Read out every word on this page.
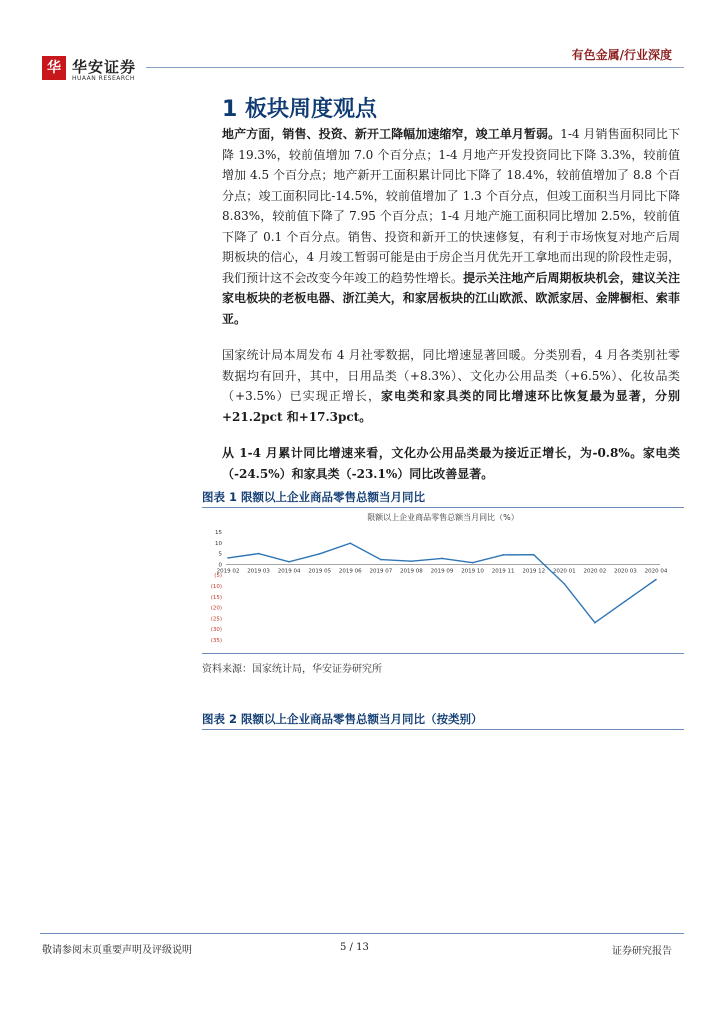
华 华安证券
HUAAN RESEARCH
有色金属/行业深度
1 板块周度观点

地产方面，销售、投资、新开工降幅加速缩窄，竣工单月暂弱。1-4 月销售面积同比下降 19.3%，较前值增加 7.0 个百分点；1-4 月地产开发投资同比下降 3.3%，较前值增加 4.5 个百分点；地产新开工面积累计同比下降了 18.4%，较前值增加了 8.8 个百分点；竣工面积同比-14.5%，较前值增加了 1.3 个百分点，但竣工面积当月同比下降 8.83%，较前值下降了 7.95 个百分点；1-4 月地产施工面积同比增加 2.5%，较前值下降了 0.1 个百分点。销售、投资和新开工的快速修复，有利于市场恢复对地产后周期板块的信心，4 月竣工暂弱可能是由于房企当月优先开工拿地而出现的阶段性走弱，我们预计这不会改变今年竣工的趋势性增长。提示关注地产后周期板块机会，建议关注家电板块的老板电器、浙江美大，和家居板块的江山欧派、欧派家居、金牌橱柜、索菲亚。

国家统计局本周发布 4 月社零数据，同比增速显著回暖。分类别看，4 月各类别社零数据均有回升，其中，日用品类（+8.3%）、文化办公用品类（+6.5%）、化妆品类（+3.5%）已实现正增长，家电类和家具类的同比增速环比恢复最为显著，分别+21.2pct 和+17.3pct。

从 1-4 月累计同比增速来看，文化办公用品类最为接近正增长，为-0.8%。家电类（-24.5%）和家具类（-23.1%）同比改善显著。

图表 1 限额以上企业商品零售总额当月同比
限额以上企业商品零售总额当月同比（%）
15
10
5
0
(5)
(10)
(15)
(20)
(25)
(30)
(35)
2019 02 2019 03 2019 04 2019 05 2019 06 2019 07 2019 08 2019 09 2019 10 2019 11 2019 12 2020 01 2020 02 2020 03 2020 04
资料来源：国家统计局，华安证券研究所
图表 2 限额以上企业商品零售总额当月同比（按类别）
敬请参阅末页重要声明及评级说明	5 / 13	证券研究报告
